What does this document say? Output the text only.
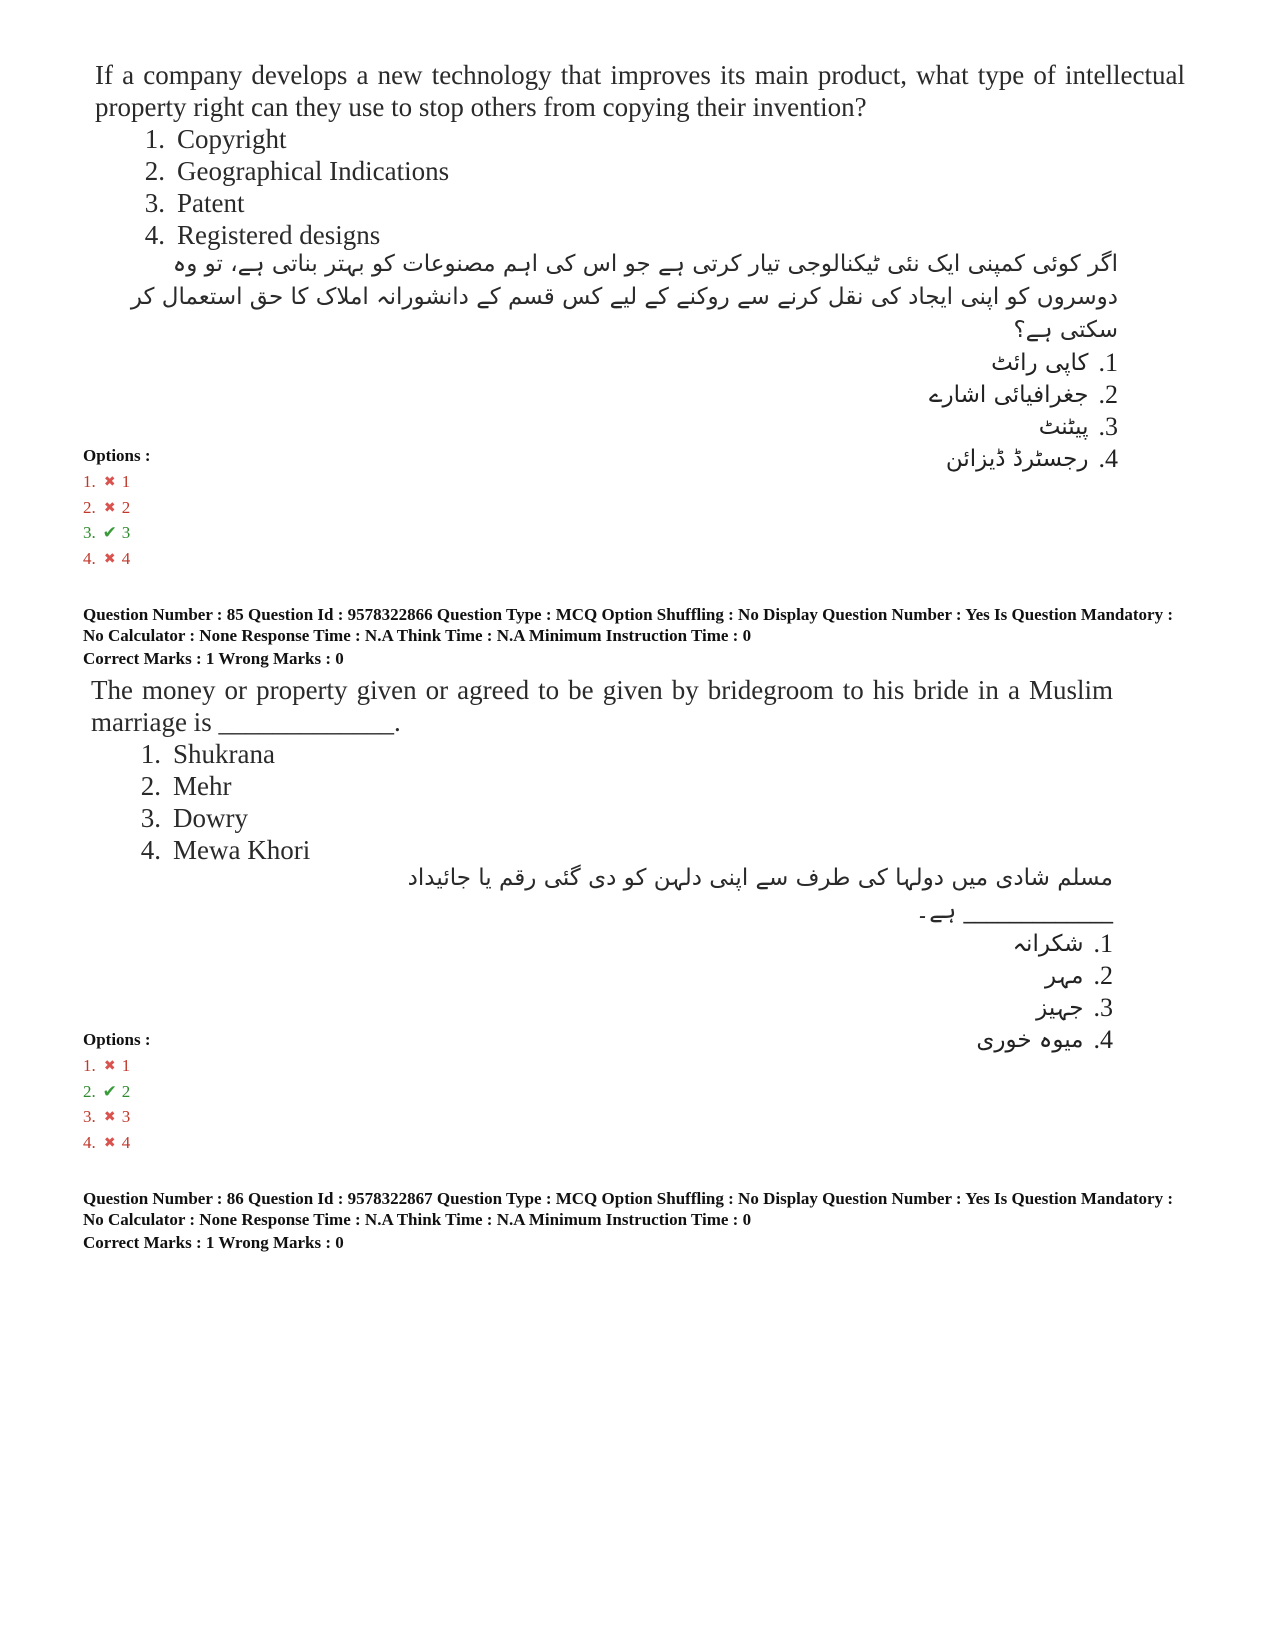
If a company develops a new technology that improves its main product, what type of intellectual property right can they use to stop others from copying their invention?
1. Copyright
2. Geographical Indications
3. Patent
4. Registered designs
اگر کوئی کمپنی ایک نئی ٹیکنالوجی تیار کرتی ہے جو اس کی اہم مصنوعات کو بہتر بناتی ہے، تو وہ دوسروں کو اپنی ایجاد کی نقل کرنے سے روکنے کے لیے کس قسم کے دانشورانہ املاک کا حق استعمال کر سکتی ہے؟
.1
کاپی رائٹ
.2
جغرافیائی اشارے
.3
پیٹنٹ
.4
رجسٹرڈ ڈیزائن
Options :
1. ✖ 1
2. ✖ 2
3. ✔ 3
4. ✖ 4
Question Number : 85 Question Id : 9578322866 Question Type : MCQ Option Shuffling : No Display Question Number : Yes Is Question Mandatory : No Calculator : None Response Time : N.A Think Time : N.A Minimum Instruction Time : 0
Correct Marks : 1 Wrong Marks : 0
The money or property given or agreed to be given by bridegroom to his bride in a Muslim marriage is _____________.
1. Shukrana
2. Mehr
3. Dowry
4. Mewa Khori
مسلم شادی میں دولہا کی طرف سے اپنی دلہن کو دی گئی رقم یا جائیداد _____________ ہے۔
.1
شکرانہ
.2
مہر
.3
جہیز
.4
میوہ خوری
Options :
1. ✖ 1
2. ✔ 2
3. ✖ 3
4. ✖ 4
Question Number : 86 Question Id : 9578322867 Question Type : MCQ Option Shuffling : No Display Question Number : Yes Is Question Mandatory : No Calculator : None Response Time : N.A Think Time : N.A Minimum Instruction Time : 0
Correct Marks : 1 Wrong Marks : 0
